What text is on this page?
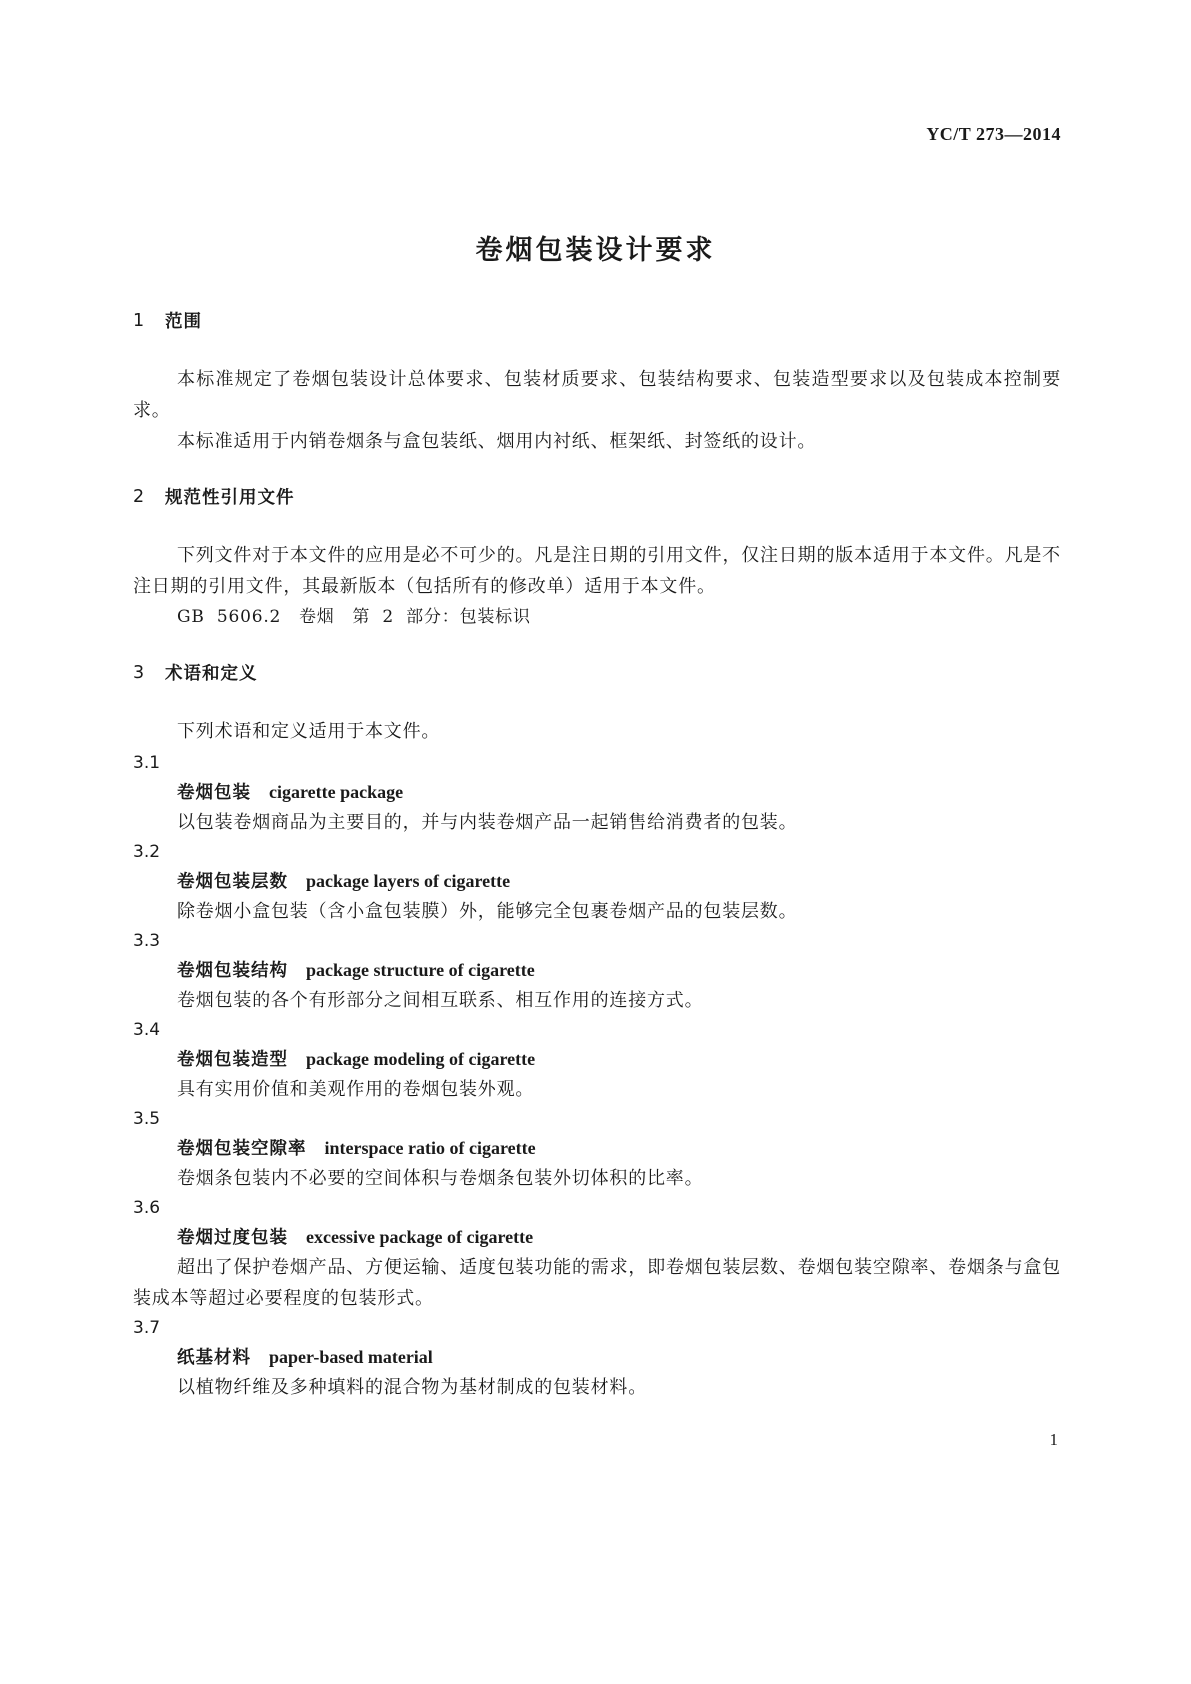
YC/T 273—2014
卷烟包装设计要求
1	范围

本标准规定了卷烟包装设计总体要求、包装材质要求、包装结构要求、包装造型要求以及包装成本控制要求。

本标准适用于内销卷烟条与盒包装纸、烟用内衬纸、框架纸、封签纸的设计。

2	规范性引用文件

下列文件对于本文件的应用是必不可少的。凡是注日期的引用文件，仅注日期的版本适用于本文件。凡是不注日期的引用文件，其最新版本（包括所有的修改单）适用于本文件。

GB 5606.2　卷烟　第 2 部分：包装标识

3	术语和定义

下列术语和定义适用于本文件。

3.1
卷烟包装 cigarette package

以包装卷烟商品为主要目的，并与内装卷烟产品一起销售给消费者的包装。

3.2
卷烟包装层数 package layers of cigarette

除卷烟小盒包装（含小盒包装膜）外，能够完全包裹卷烟产品的包装层数。

3.3
卷烟包装结构 package structure of cigarette

卷烟包装的各个有形部分之间相互联系、相互作用的连接方式。

3.4
卷烟包装造型 package modeling of cigarette

具有实用价值和美观作用的卷烟包装外观。

3.5
卷烟包装空隙率 interspace ratio of cigarette

卷烟条包装内不必要的空间体积与卷烟条包装外切体积的比率。

3.6
卷烟过度包装 excessive package of cigarette

超出了保护卷烟产品、方便运输、适度包装功能的需求，即卷烟包装层数、卷烟包装空隙率、卷烟条与盒包装成本等超过必要程度的包装形式。

3.7
纸基材料 paper-based material

以植物纤维及多种填料的混合物为基材制成的包装材料。

1
